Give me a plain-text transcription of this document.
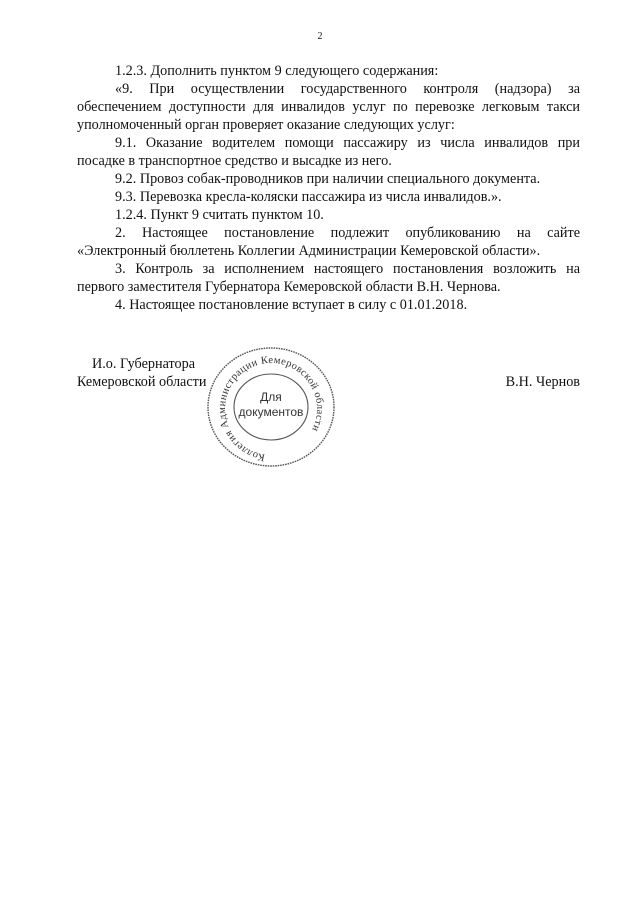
2

1.2.3. Дополнить пунктом 9 следующего содержания:

«9. При осуществлении государственного контроля (надзора) за обеспечением доступности для инвалидов услуг по перевозке легковым такси уполномоченный орган проверяет оказание следующих услуг:

9.1. Оказание водителем помощи пассажиру из числа инвалидов при посадке в транспортное средство и высадке из него.

9.2. Провоз собак-проводников при наличии специального документа.

9.3. Перевозка кресла-коляски пассажира из числа инвалидов.».

1.2.4. Пункт 9 считать пунктом 10.

2. Настоящее постановление подлежит опубликованию на сайте «Электронный бюллетень Коллегии Администрации Кемеровской области».

3. Контроль за исполнением настоящего постановления возложить на первого заместителя Губернатора Кемеровской области В.Н. Чернова.

4. Настоящее постановление вступает в силу с 01.01.2018.

И.о. Губернатора
Кемеровской области	В.Н. Чернов
Коллегия Администрации Кемеровской области
Для
документов
